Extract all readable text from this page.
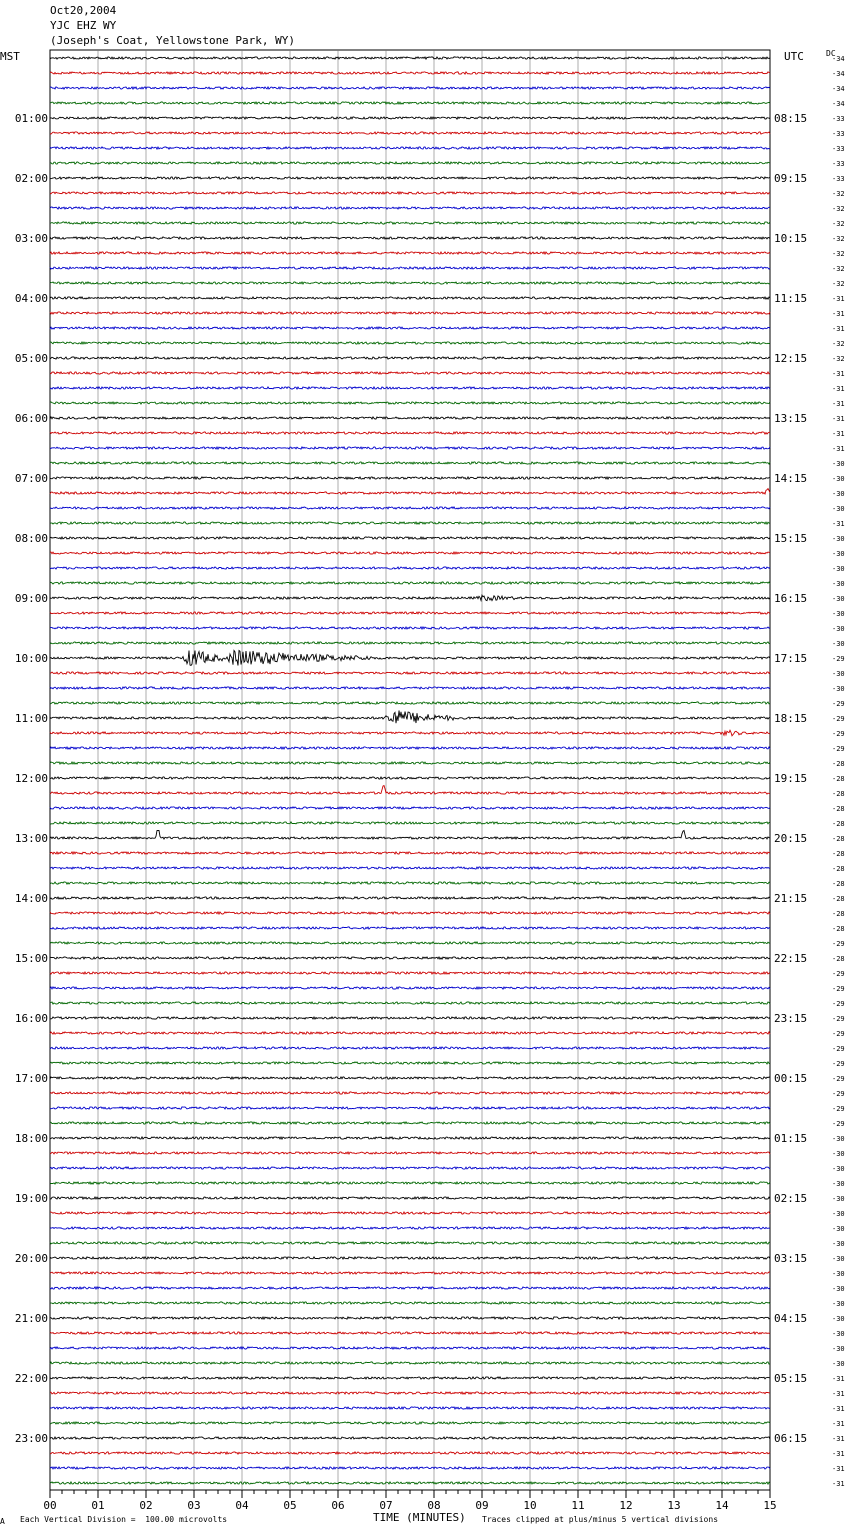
Oct20,2004
YJC EHZ WY
(Joseph's Coat, Yellowstone Park, WY)
MST	UTC	DC
00	01	02	03	04	05	06	07	08	09	10	11	12	13	14	15
-34
-34
-34
-34
-33
-33
-33
-33
-33
-32
-32
-32
-32
-32
-32
-32
-31
-31
-31
-32
-32
-31
-31
-31
-31
-31
-31
-30
-30
-30
-30
-31
-30
-30
-30
-30
-30
-30
-30
-30
-29
-30
-30
-29
-29
-29
-29
-28
-28
-28
-28
-28
-28
-28
-28
-28
-28
-28
-28
-29
-28
-29
-29
-29
-29
-29
-29
-29
-29
-29
-29
-29
-30
-30
-30
-30
-30
-30
-30
-30
-30
-30
-30
-30
-30
-30
-30
-30
-31
-31
-31
-31
-31
-31
-31
-31
01:00
02:00
03:00
04:00
05:00
06:00
07:00
08:00
09:00
10:00
11:00
12:00
13:00
14:00
15:00
16:00
17:00
18:00
19:00
20:00
21:00
22:00
23:00
08:15
09:15
10:15
11:15
12:15
13:15
14:15
15:15
16:15
17:15
18:15
19:15
20:15
21:15
22:15
23:15
00:15
01:15
02:15
03:15
04:15
05:15
06:15
A Each Vertical Division =  100.00 microvolts	TIME (MINUTES) Traces clipped at plus/minus 5 vertical divisions
